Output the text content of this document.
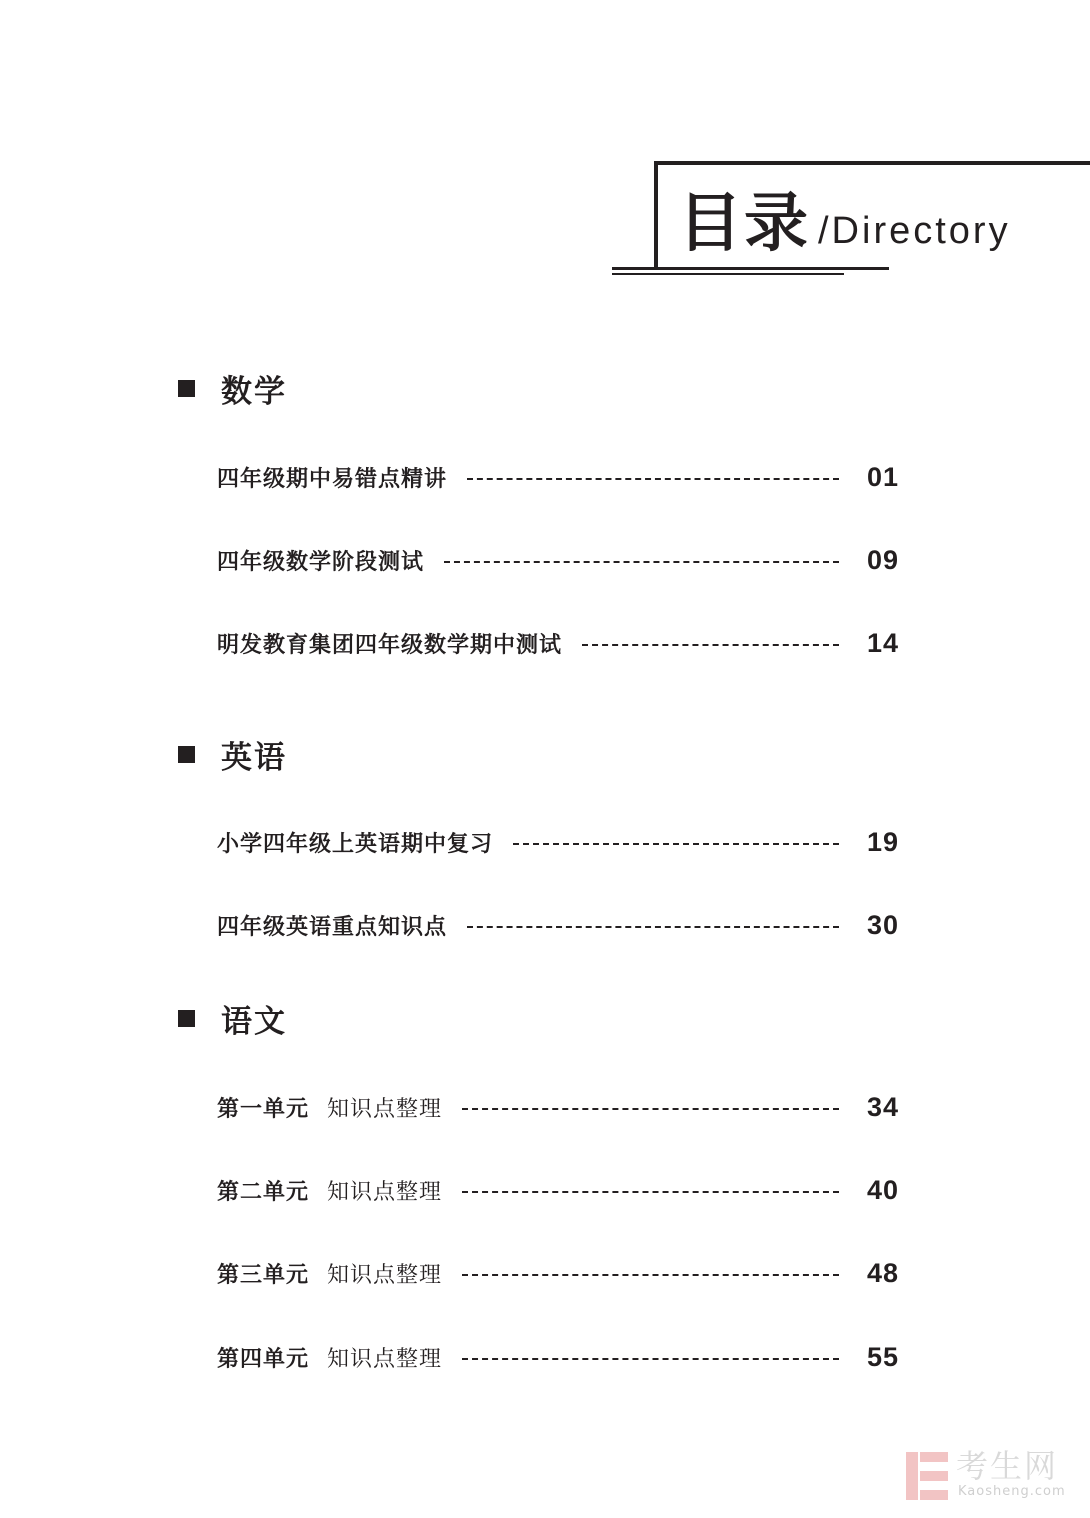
目录 /Directory
数学
四年级期中易错点精讲	01
四年级数学阶段测试	09
明发教育集团四年级数学期中测试	14
英语
小学四年级上英语期中复习	19
四年级英语重点知识点	30
语文
第一单元 知识点整理	34
第二单元 知识点整理	40
第三单元 知识点整理	48
第四单元 知识点整理	55
考生网
Kaosheng.com
